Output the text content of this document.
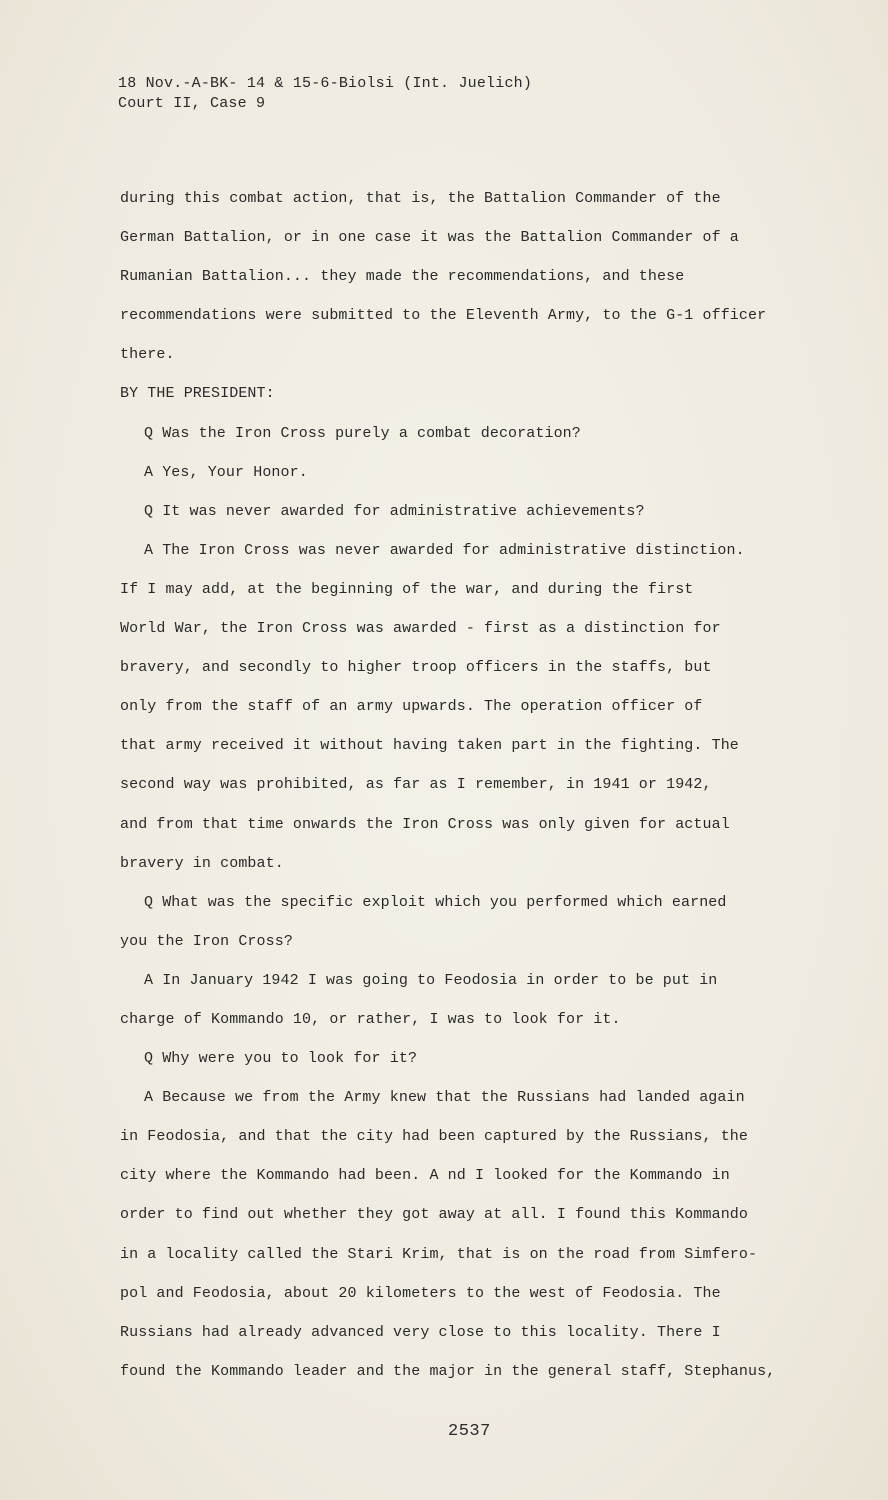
18 Nov.-A-BK- 14 & 15-6-Biolsi (Int. Juelich)
Court II, Case 9
during this combat action, that is, the Battalion Commander of the
German Battalion, or in one case it was the Battalion Commander of a
Rumanian Battalion... they made the recommendations, and these
recommendations were submitted to the Eleventh Army, to the G-1 officer
there.
BY THE PRESIDENT:
Q Was the Iron Cross purely a combat decoration?
A Yes, Your Honor.
Q It was never awarded for administrative achievements?
A The Iron Cross was never awarded for administrative distinction.
If I may add, at the beginning of the war, and during the first
World War, the Iron Cross was awarded - first as a distinction for
bravery, and secondly to higher troop officers in the staffs, but
only from the staff of an army upwards. The operation officer of
that army received it without having taken part in the fighting. The
second way was prohibited, as far as I remember, in 1941 or 1942,
and from that time onwards the Iron Cross was only given for actual
bravery in combat.
Q What was the specific exploit which you performed which earned
you the Iron Cross?
A In January 1942 I was going to Feodosia in order to be put in
charge of Kommando 10, or rather, I was to look for it.
Q Why were you to look for it?
A Because we from the Army knew that the Russians had landed again
in Feodosia, and that the city had been captured by the Russians, the
city where the Kommando had been. A nd I looked for the Kommando in
order to find out whether they got away at all. I found this Kommando
in a locality called the Stari Krim, that is on the road from Simfero-
pol and Feodosia, about 20 kilometers to the west of Feodosia. The
Russians had already advanced very close to this locality. There I
found the Kommando leader and the major in the general staff, Stephanus,
2537
